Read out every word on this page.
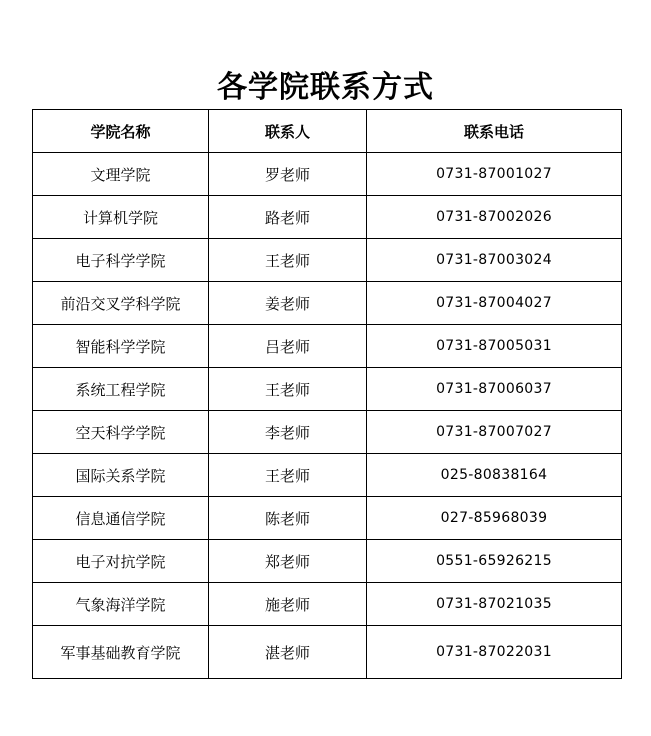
各学院联系方式
学院名称	联系人	联系电话
文理学院	罗老师	0731-87001027
计算机学院	路老师	0731-87002026
电子科学学院	王老师	0731-87003024
前沿交叉学科学院	姜老师	0731-87004027
智能科学学院	吕老师	0731-87005031
系统工程学院	王老师	0731-87006037
空天科学学院	李老师	0731-87007027
国际关系学院	王老师	025-80838164
信息通信学院	陈老师	027-85968039
电子对抗学院	郑老师	0551-65926215
气象海洋学院	施老师	0731-87021035
军事基础教育学院	湛老师	0731-87022031
